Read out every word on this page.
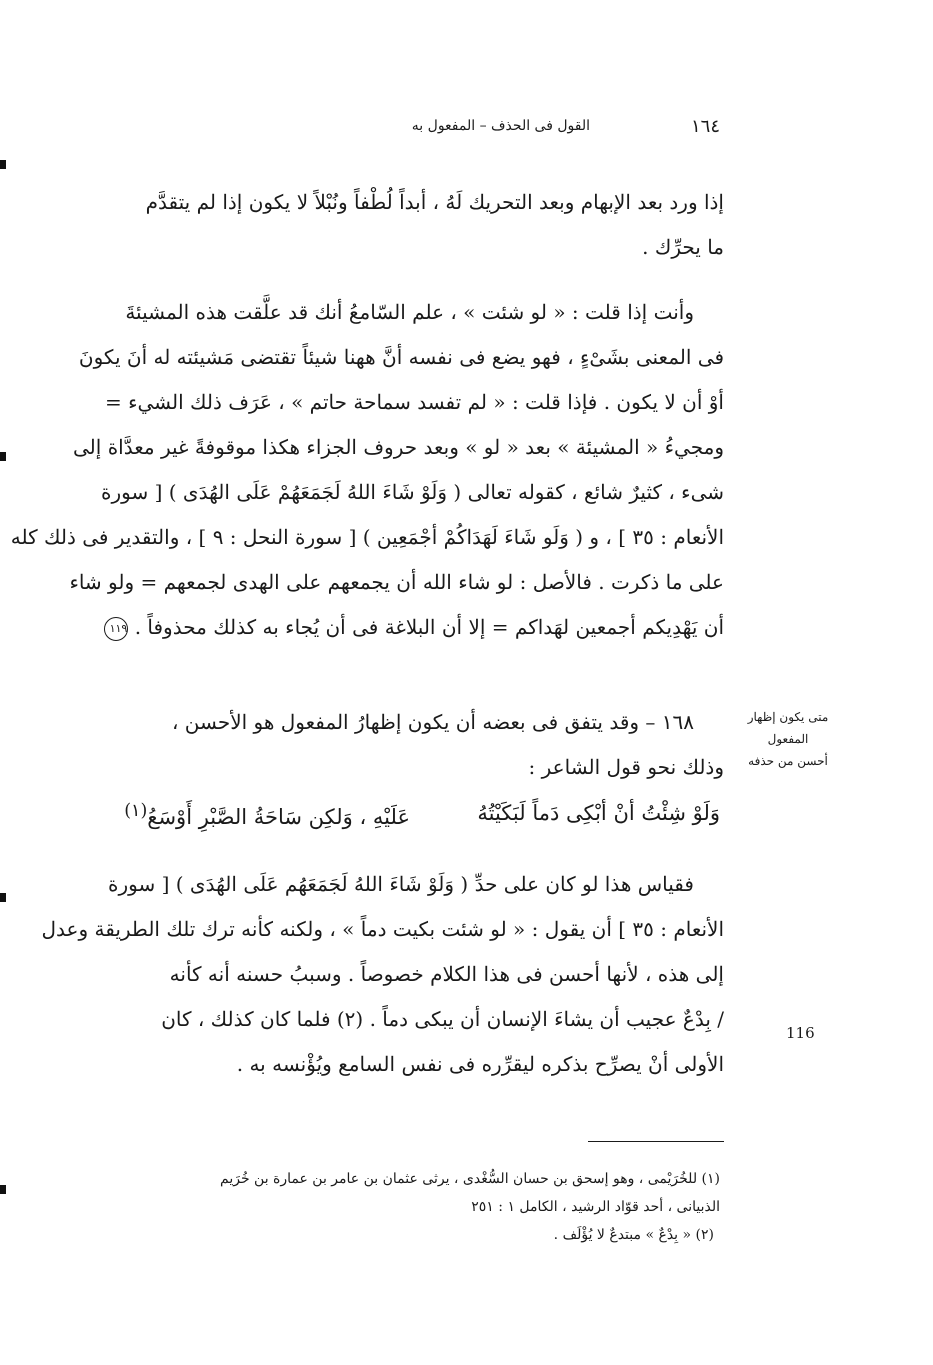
١٦٤
القول فى الحذف – المفعول به
إذا ورد بعد الإبهام وبعد التحريك لَهُ ، أبداً لُطْفاً ونُبْلاً لا يكون إذا لم يتقدَّم
ما يحرِّك .
وأنت إذا قلت : « لو شئت » ، علم السّامعُ أنك قد علَّقت هذه المشيئةَ
فى المعنى بشَىْءٍ ، فهو يضع فى نفسه أنَّ ههنا شيئاً تقتضى مَشيئته له أنَ يكونَ
أوْ أن لا يكون . فإذا قلت : « لم تفسد سماحة حاتم » ، عَرَف ذلك الشيء =
ومجيءُ « المشيئة » بعد « لو » وبعد حروف الجزاء هكذا موقوفةً غير معدَّاة إلى
شىء ، كثيرٌ شائع ، كقوله تعالى ( وَلَوْ شَاءَ اللهُ لَجَمَعَهُمْ عَلَى الهُدَى ) [ سورة
الأنعام : ٣٥ ] ، و ( وَلَو شَاءَ لَهَدَاكُمْ أجْمَعِين ) [ سورة النحل : ٩ ] ، والتقدير فى ذلك كله
على ما ذكرت . فالأصل : لو شاء الله أن يجمعهم على الهدى لجمعهم = ولو شاء
أن يَهْدِيكم أجمعين لهَداكم = إلا أن البلاغة فى أن يُجاء به كذلك محذوفاً . ١١٩
١٦٨ – وقد يتفق فى بعضه أن يكون إظهارُ المفعول هو الأحسن ،
وذلك نحو قول الشاعر :
وَلَوْ شِئْتُ أنْ أبْكِى دَماً لَبَكَيْتُهُ
عَلَيْهِ ، وَلكِن سَاحَةُ الصَّبْرِ أَوْسَعُ$^{(١)}$
فقياس هذا لو كان على حدِّ ( وَلَوْ شَاءَ اللهُ لَجَمَعَهُم عَلَى الهُدَى ) [ سورة
الأنعام : ٣٥ ] أن يقول : « لو شئت بكيت دماً » ، ولكنه كأنه ترك تلك الطريقة وعدل
إلى هذه ، لأنها أحسن فى هذا الكلام خصوصاً . وسببُ حسنه أنه كأنه
/ بِدْعٌ عجيب أن يشاءَ الإنسان أن يبكى دماً . (٢) فلما كان كذلك ، كان
الأولى أنْ يصرِّح بذكره ليقرِّره فى نفس السامع ويُؤْنسه به .
متى يكون إظهار المفعول
أحسن من حذفه
116
(١) للخُرَيْمى ، وهو إسحق بن حسان السُّغْدى ، يرثى عثمان بن عامر بن عمارة بن خُرَيم
الذبيانى ، أحد قوّاد الرشيد ، الكامل ١ : ٢٥١
(٢) « بِدْعٌ » مبتدعٌ لا يُؤْلَف .
